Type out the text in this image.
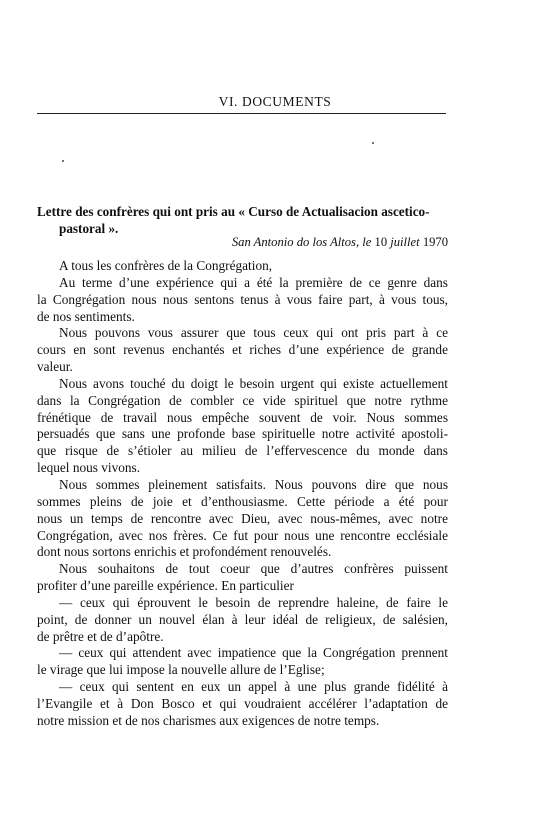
VI. DOCUMENTS
Lettre des confrères qui ont pris au « Curso de Actualisacion ascetico-
pastoral ».
San Antonio do los Altos, le 10 juillet 1970
A tous les confrères de la Congrégation,
Au terme d’une expérience qui a été la première de ce genre dans
la Congrégation nous nous sentons tenus à vous faire part, à vous tous,
de nos sentiments.
Nous pouvons vous assurer que tous ceux qui ont pris part à ce
cours en sont revenus enchantés et riches d’une expérience de grande
valeur.
Nous avons touché du doigt le besoin urgent qui existe actuellement
dans la Congrégation de combler ce vide spirituel que notre rythme
frénétique de travail nous empêche souvent de voir. Nous sommes
persuadés que sans une profonde base spirituelle notre activité apostoli-
que risque de s’étioler au milieu de l’effervescence du monde dans
lequel nous vivons.
Nous sommes pleinement satisfaits. Nous pouvons dire que nous
sommes pleins de joie et d’enthousiasme. Cette période a été pour
nous un temps de rencontre avec Dieu, avec nous-mêmes, avec notre
Congrégation, avec nos frères. Ce fut pour nous une rencontre ecclésiale
dont nous sortons enrichis et profondément renouvelés.
Nous souhaitons de tout coeur que d’autres confrères puissent
profiter d’une pareille expérience. En particulier
— ceux qui éprouvent le besoin de reprendre haleine, de faire le
point, de donner un nouvel élan à leur idéal de religieux, de salésien,
de prêtre et de d’apôtre.
— ceux qui attendent avec impatience que la Congrégation prennent
le virage que lui impose la nouvelle allure de l’Eglise;
— ceux qui sentent en eux un appel à une plus grande fidélité à
l’Evangile et à Don Bosco et qui voudraient accélérer l’adaptation de
notre mission et de nos charismes aux exigences de notre temps.
